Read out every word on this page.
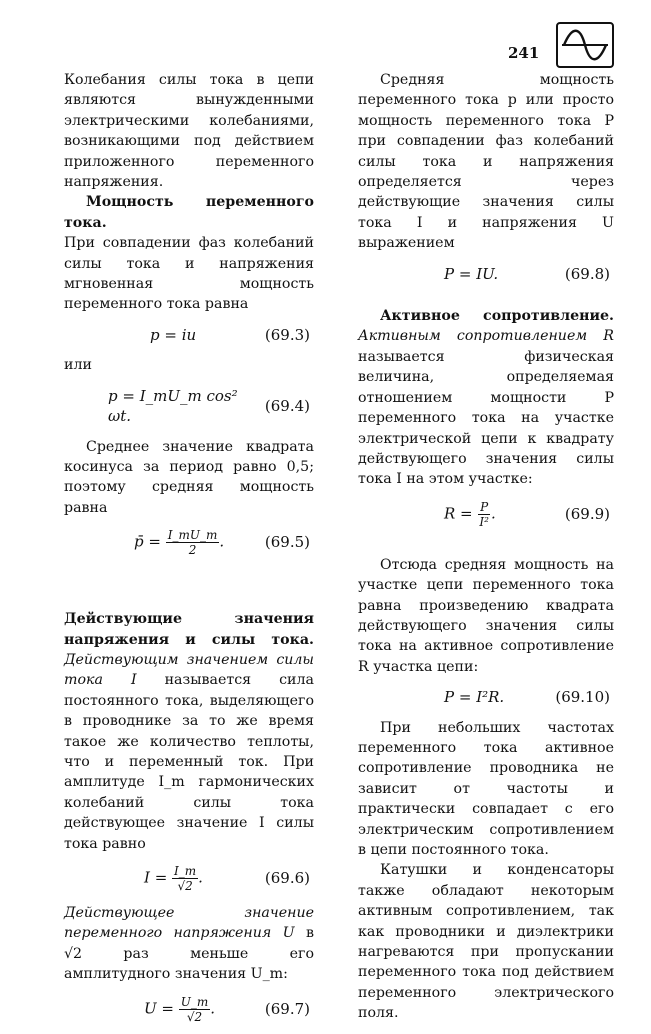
241

Колебания силы тока в цепи являются вынужденными электрическими колебаниями, возникающими под действием приложенного переменного напряжения.

Мощность переменного тока.

При совпадении фаз колебаний силы тока и напряжения мгновенная мощность переменного тока равна

p = iu	(69.3)

или

p = I_mU_m cos² ωt.
(69.4)

Среднее значение квадрата косинуса за период равно 0,5; поэтому средняя мощность равна

p̄ = $\frac{I\_mU\_m}{2}$ .	(69.5)

Действующие значения напряжения и силы тока. Действующим значением силы тока I называется сила постоянного тока, выделяющего в проводнике за то же время такое же количество теплоты, что и переменный ток. При амплитуде I_m гармонических колебаний силы тока действующее значение I силы тока равно

$I = \frac{I\_m}{√2}$ .	(69.6)

Действующее значение переменного напряжения U в √2 раз меньше его амплитудного значения U_m:

$U = \frac{U\_m}{√2}$ .	(69.7)

Средняя мощность переменного тока p или просто мощность переменного тока P при совпадении фаз колебаний силы тока и напряжения определяется через действующие значения силы тока I и напряжения U выражением

P = IU.	(69.8)

Активное сопротивление. Активным сопротивлением R называется физическая величина, определяемая отношением мощности P переменного тока на участке электрической цепи к квадрату действующего значения силы тока I на этом участке:

$R = \frac{P}{\text{I²}}$ .	(69.9)

Отсюда средняя мощность на участке цепи переменного тока равна произведению квадрата действующего значения силы тока на активное сопротивление R участка цепи:

P = I²R.	(69.10)

При небольших частотах переменного тока активное сопротивление проводника не зависит от частоты и практически совпадает с его электрическим сопротивлением в цепи постоянного тока.

Катушки и конденсаторы также обладают некоторым активным сопротивлением, так как проводники и диэлектрики нагреваются при пропускании переменного тока под действием переменного электрического поля.
